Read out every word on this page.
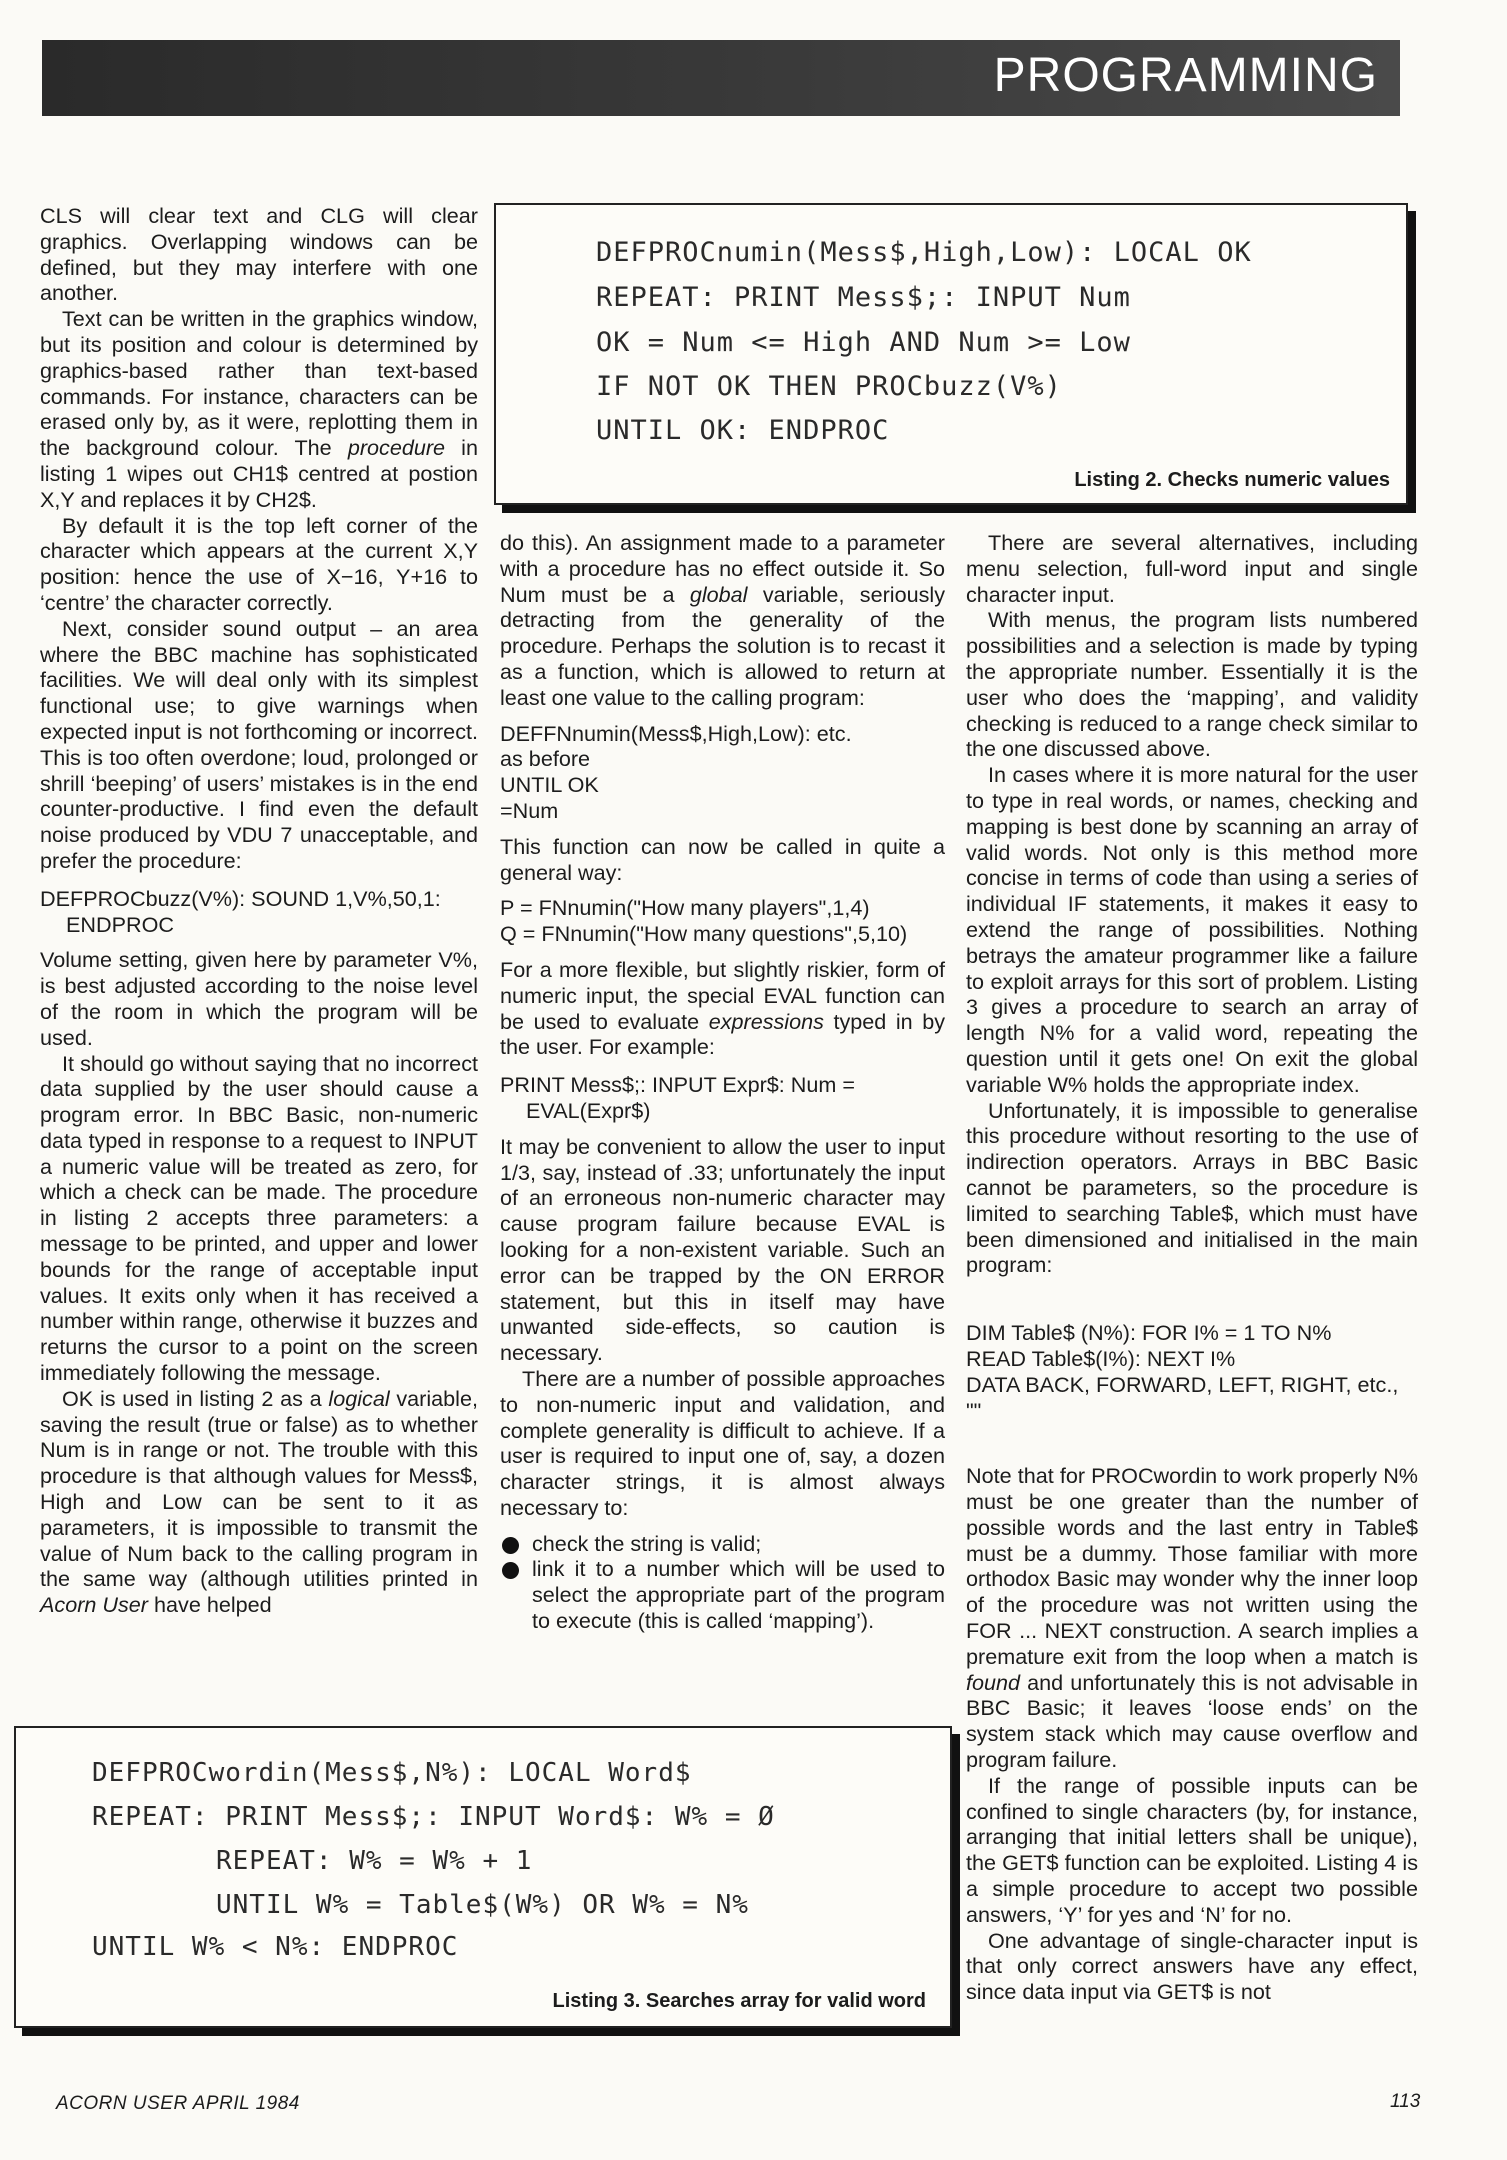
PROGRAMMING
DEFPROCnumin(Mess$,High,Low): LOCAL OK
REPEAT: PRINT Mess$;: INPUT Num
OK = Num <= High AND Num >= Low
IF NOT OK THEN PROCbuzz(V%)
UNTIL OK: ENDPROC
Listing 2. Checks numeric values

CLS will clear text and CLG will clear graphics. Overlapping windows can be defined, but they may interfere with one another.

Text can be written in the graphics window, but its position and colour is determined by graphics-based rather than text-based commands. For instance, characters can be erased only by, as it were, replotting them in the background colour. The procedure in listing 1 wipes out CH1$ centred at postion X,Y and replaces it by CH2$.

By default it is the top left corner of the character which appears at the current X,Y position: hence the use of X−16, Y+16 to ‘centre’ the character correctly.

Next, consider sound output – an area where the BBC machine has sophisticated facilities. We will deal only with its simplest functional use; to give warnings when expected input is not forthcoming or incorrect. This is too often overdone; loud, prolonged or shrill ‘beeping’ of users’ mistakes is in the end counter-productive. I find even the default noise produced by VDU 7 unacceptable, and prefer the procedure:

DEFPROCbuzz(V%): SOUND 1,V%,50,1: ENDPROC

Volume setting, given here by parameter V%, is best adjusted according to the noise level of the room in which the program will be used.

It should go without saying that no incorrect data supplied by the user should cause a program error. In BBC Basic, non-numeric data typed in response to a request to INPUT a numeric value will be treated as zero, for which a check can be made. The procedure in listing 2 accepts three parameters: a message to be printed, and upper and lower bounds for the range of acceptable input values. It exits only when it has received a number within range, otherwise it buzzes and returns the cursor to a point on the screen immediately following the message.

OK is used in listing 2 as a logical variable, saving the result (true or false) as to whether Num is in range or not. The trouble with this procedure is that although values for Mess$, High and Low can be sent to it as parameters, it is impossible to transmit the value of Num back to the calling program in the same way (although utilities printed in Acorn User have helped

do this). An assignment made to a parameter with a procedure has no effect outside it. So Num must be a global variable, seriously detracting from the generality of the procedure. Perhaps the solution is to recast it as a function, which is allowed to return at least one value to the calling program:

DEFFNnumin(Mess$,High,Low): etc.
as before
UNTIL OK
=Num

This function can now be called in quite a general way:

P = FNnumin("How many players",1,4)
Q = FNnumin("How many questions",5,10)

For a more flexible, but slightly riskier, form of numeric input, the special EVAL function can be used to evaluate expressions typed in by the user. For example:

PRINT Mess$;: INPUT Expr$: Num = EVAL(Expr$)

It may be convenient to allow the user to input 1/3, say, instead of .33; unfortunately the input of an erroneous non-numeric character may cause program failure because EVAL is looking for a non-existent variable. Such an error can be trapped by the ON ERROR statement, but this in itself may have unwanted side-effects, so caution is necessary.

There are a number of possible approaches to non-numeric input and validation, and complete generality is difficult to achieve. If a user is required to input one of, say, a dozen character strings, it is almost always necessary to:

check the string is valid;
link it to a number which will be used to select the appropriate part of the program to execute (this is called ‘mapping’).

There are several alternatives, including menu selection, full-word input and single character input.

With menus, the program lists numbered possibilities and a selection is made by typing the appropriate number. Essentially it is the user who does the ‘mapping’, and validity checking is reduced to a range check similar to the one discussed above.

In cases where it is more natural for the user to type in real words, or names, checking and mapping is best done by scanning an array of valid words. Not only is this method more concise in terms of code than using a series of individual IF statements, it makes it easy to extend the range of possibilities. Nothing betrays the amateur programmer like a failure to exploit arrays for this sort of problem. Listing 3 gives a procedure to search an array of length N% for a valid word, repeating the question until it gets one! On exit the global variable W% holds the appropriate index.

Unfortunately, it is impossible to generalise this procedure without resorting to the use of indirection operators. Arrays in BBC Basic cannot be parameters, so the procedure is limited to searching Table$, which must have been dimensioned and initialised in the main program:

DIM Table$ (N%): FOR I% = 1 TO N%
READ Table$(I%): NEXT I%
DATA BACK, FORWARD, LEFT, RIGHT, etc., ""

Note that for PROCwordin to work properly N% must be one greater than the number of possible words and the last entry in Table$ must be a dummy. Those familiar with more orthodox Basic may wonder why the inner loop of the procedure was not written using the FOR ... NEXT construction. A search implies a premature exit from the loop when a match is found and unfortunately this is not advisable in BBC Basic; it leaves ‘loose ends’ on the system stack which may cause overflow and program failure.

If the range of possible inputs can be confined to single characters (by, for instance, arranging that initial letters shall be unique), the GET$ function can be exploited. Listing 4 is a simple procedure to accept two possible answers, ‘Y’ for yes and ‘N’ for no.

One advantage of single-character input is that only correct answers have any effect, since data input via GET$ is not

DEFPROCwordin(Mess$,N%): LOCAL Word$
REPEAT: PRINT Mess$;: INPUT Word$: W% = Ø
REPEAT: W% = W% + 1
UNTIL W% = Table$(W%) OR W% = N%
UNTIL W% < N%: ENDPROC
Listing 3. Searches array for valid word
ACORN USER APRIL 1984	113
